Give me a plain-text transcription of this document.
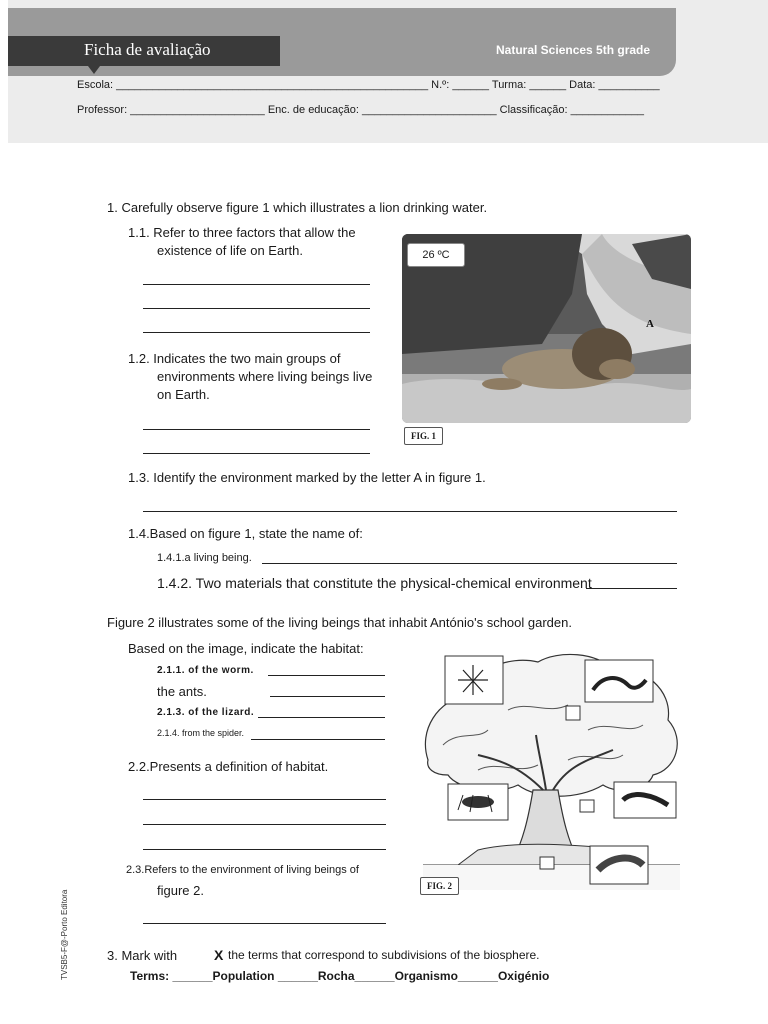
Ficha de avaliação	Natural Sciences 5th grade
Escola: ___________________________________________________ N.º: ______ Turma: ______ Data: __________
Professor: ______________________ Enc. de educação: ______________________ Classificação: ____________
1. Carefully observe figure 1 which illustrates a lion drinking water.
1.1. Refer to three factors that allow the
existence of life on Earth.
1.2. Indicates the two main groups of
environments where living beings live
on Earth.
26 ºC
A
FIG. 1
1.3. Identify the environment marked by the letter A in figure 1.
1.4.Based on figure 1, state the name of:
1.4.1.a living being.
1.4.2. Two materials that constitute the physical-chemical environment
Figure 2 illustrates some of the living beings that inhabit António's school garden.
Based on the image, indicate the habitat:
2.1.1. of the worm.
the ants.
2.1.3. of the lizard.
2.1.4. from the spider.
2.2.Presents a definition of habitat.
2.3.Refers to the environment of living beings of
figure 2.	FIG. 2
3. Mark with	X the terms that correspond to subdivisions of the biosphere.
Terms: ______Population ______Rocha______Organismo______Oxigénio
TVSB5-F@-Porto Editora
